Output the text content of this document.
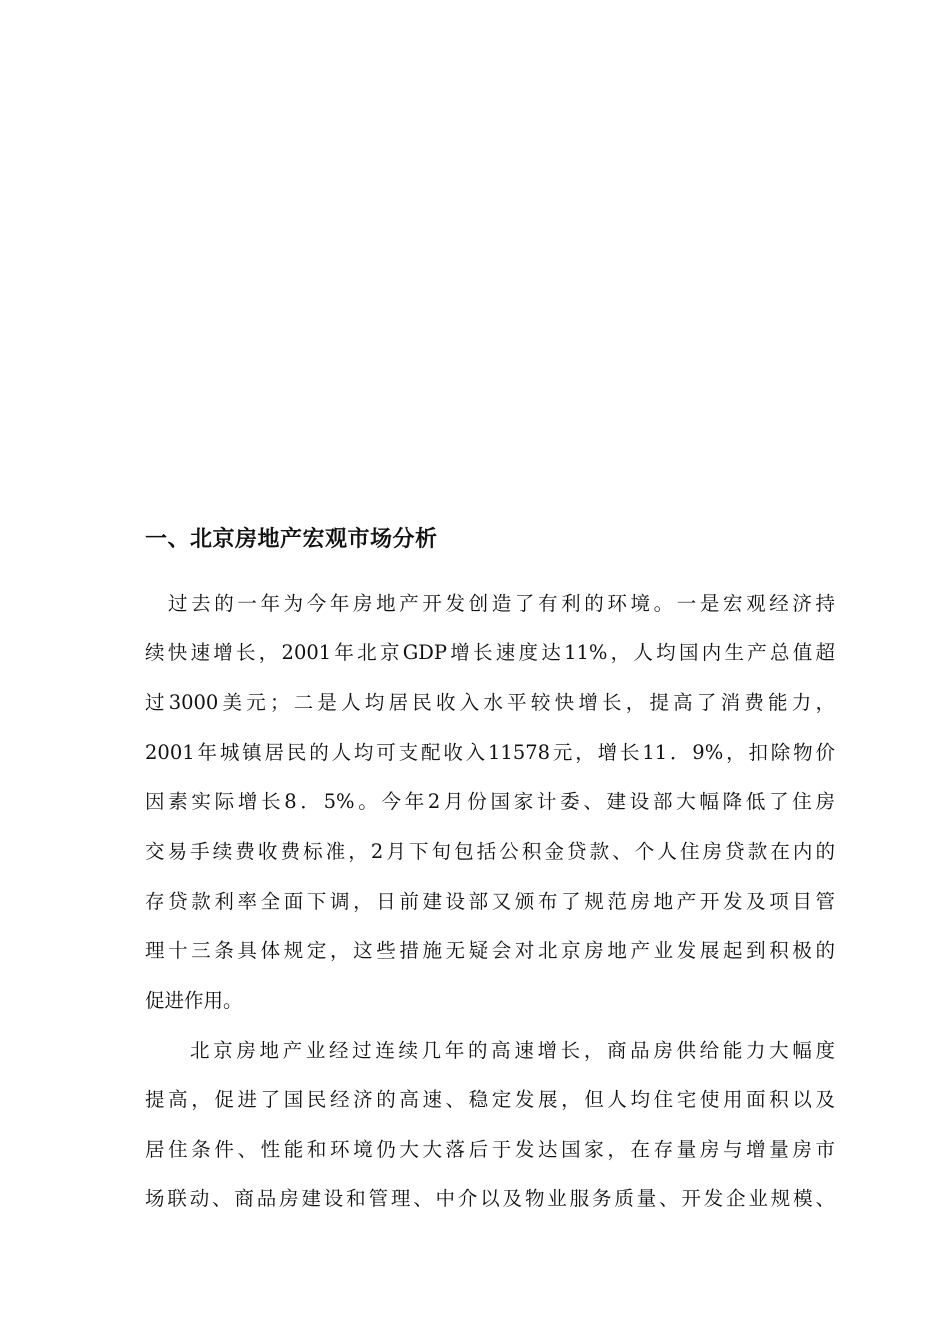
一、北京房地产宏观市场分析

过去的一年为今年房地产开发创造了有利的环境。一是宏观经济持

续快速增长，2001年北京GDP增长速度达11%，人均国内生产总值超

过3000美元；二是人均居民收入水平较快增长，提高了消费能力，

2001年城镇居民的人均可支配收入11578元，增长11．9%，扣除物价

因素实际增长8．5%。今年2月份国家计委、建设部大幅降低了住房

交易手续费收费标准，2月下旬包括公积金贷款、个人住房贷款在内的

存贷款利率全面下调，日前建设部又颁布了规范房地产开发及项目管

理十三条具体规定，这些措施无疑会对北京房地产业发展起到积极的

促进作用。

北京房地产业经过连续几年的高速增长，商品房供给能力大幅度

提高，促进了国民经济的高速、稳定发展，但人均住宅使用面积以及

居住条件、性能和环境仍大大落后于发达国家，在存量房与增量房市

场联动、商品房建设和管理、中介以及物业服务质量、开发企业规模、
